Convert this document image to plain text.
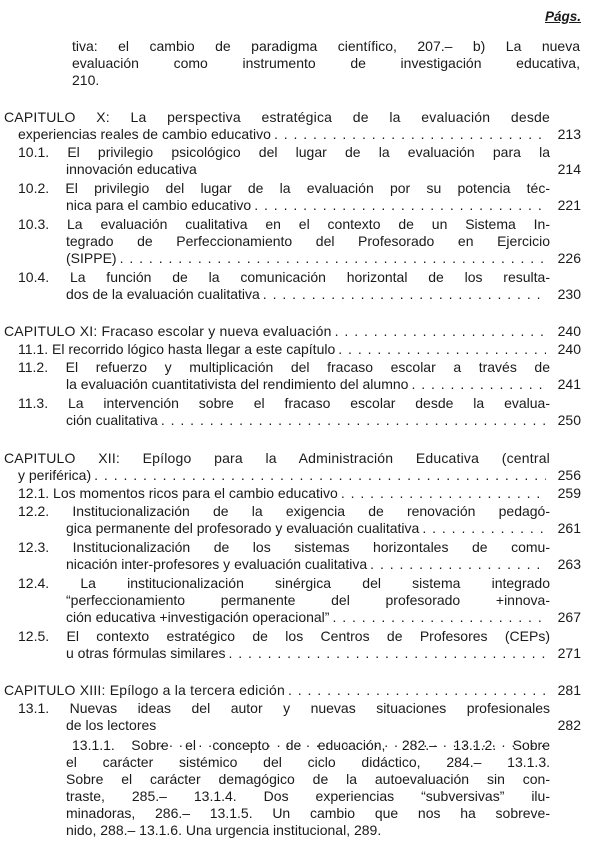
Págs.
tiva: el cambio de paradigma científico, 207.– b) La nueva
evaluación como instrumento de investigación educativa,
210.
CAPITULO X: La perspectiva estratégica de la evaluación desde
experiencias reales de cambio educativo . . .	213
10.1. El privilegio psicológico del lugar de la evaluación para la
innovación educativa	214
10.2. El privilegio del lugar de la evaluación por su potencia téc-
nica para el cambio educativo . . .	221
10.3. La evaluación cualitativa en el contexto de un Sistema In-
tegrado de Perfeccionamiento del Profesorado en Ejercicio
(SIPPE) . . .	226
10.4. La función de la comunicación horizontal de los resulta-
dos de la evaluación cualitativa . . .	230
CAPITULO XI: Fracaso escolar y nueva evaluación . . .	240
11.1. El recorrido lógico hasta llegar a este capítulo . . .	240
11.2. El refuerzo y multiplicación del fracaso escolar a través de
la evaluación cuantitativista del rendimiento del alumno . . .	241
11.3. La intervención sobre el fracaso escolar desde la evalua-
ción cualitativa . . .	250
CAPITULO XII: Epílogo para la Administración Educativa (central
y periférica) . . .	256
12.1. Los momentos ricos para el cambio educativo . . .	259
12.2. Institucionalización de la exigencia de renovación pedagó-
gica permanente del profesorado y evaluación cualitativa . . .	261
12.3. Institucionalización de los sistemas horizontales de comu-
nicación inter-profesores y evaluación cualitativa . . .	263
12.4. La institucionalización sinérgica del sistema integrado
“perfeccionamiento permanente del profesorado +innova-
ción educativa +investigación operacional” . . .	267
12.5. El contexto estratégico de los Centros de Profesores (CEPs)
u otras fórmulas similares . . .	271
CAPITULO XIII: Epílogo a la tercera edición . . .	281
13.1. Nuevas ideas del autor y nuevas situaciones profesionales
de los lectores	282
. . .
13.1.1. Sobre el concepto de educación, 282.– 13.1.2. Sobre
el carácter sistémico del ciclo didáctico, 284.– 13.1.3.
Sobre el carácter demagógico de la autoevaluación sin con-
traste, 285.– 13.1.4. Dos experiencias “subversivas” ilu-
minadoras, 286.– 13.1.5. Un cambio que nos ha sobreve-
nido, 288.– 13.1.6. Una urgencia institucional, 289.
